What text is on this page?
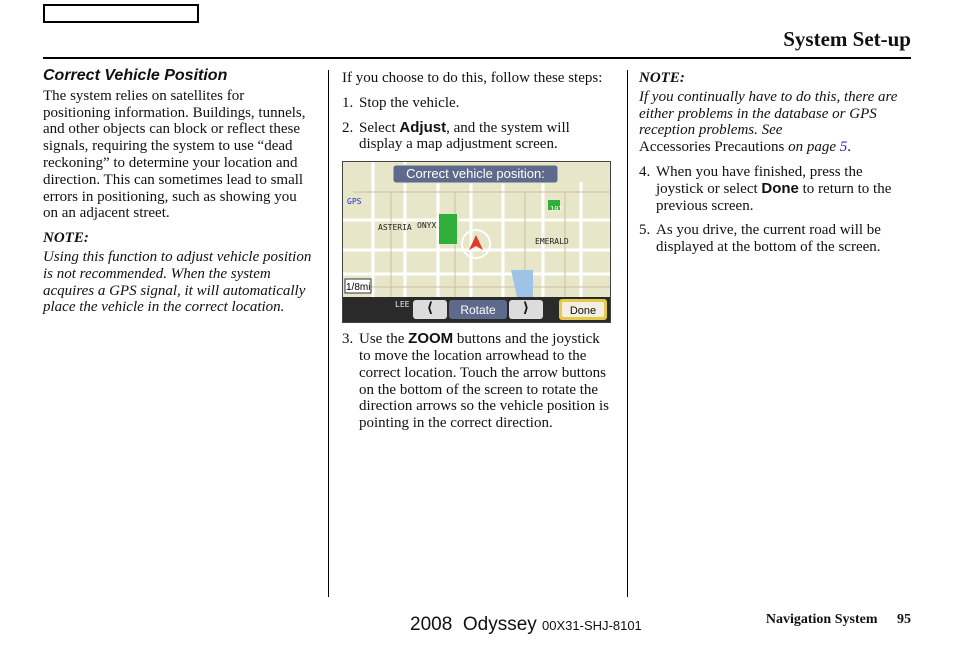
System Set-up
Correct Vehicle Position

The system relies on satellites for positioning information. Buildings, tunnels, and other objects can block or reflect these signals, requiring the system to use “dead reckoning” to determine your location and direction. This can sometimes lead to small errors in positioning, such as showing you on an adjacent street.

NOTE:

Using this function to adjust vehicle position is not recommended. When the system acquires a GPS signal, it will automatically place the vehicle in the correct location.

If you choose to do this, follow these steps:

1. Stop the vehicle.
2. Select Adjust, and the system will display a map adjustment screen.
Correct vehicle position:
1/8mi
ASTERIA ONYX
EMERALD
LEE
GPS
107
⟨	Rotate	⟩	Done
3. Use the ZOOM buttons and the joystick to move the location arrowhead to the correct location. Touch the arrow buttons on the bottom of the screen to rotate the direction arrows so the vehicle position is pointing in the correct direction.
NOTE:

If you continually have to do this, there are either problems in the database or GPS reception problems. See
Accessories Precautions on page 5.

4. When you have finished, press the joystick or select Done to return to the previous screen.
5. As you drive, the current road will be displayed at the bottom of the screen.
2008 Odyssey 00X31-SHJ-8101	Navigation System 95
